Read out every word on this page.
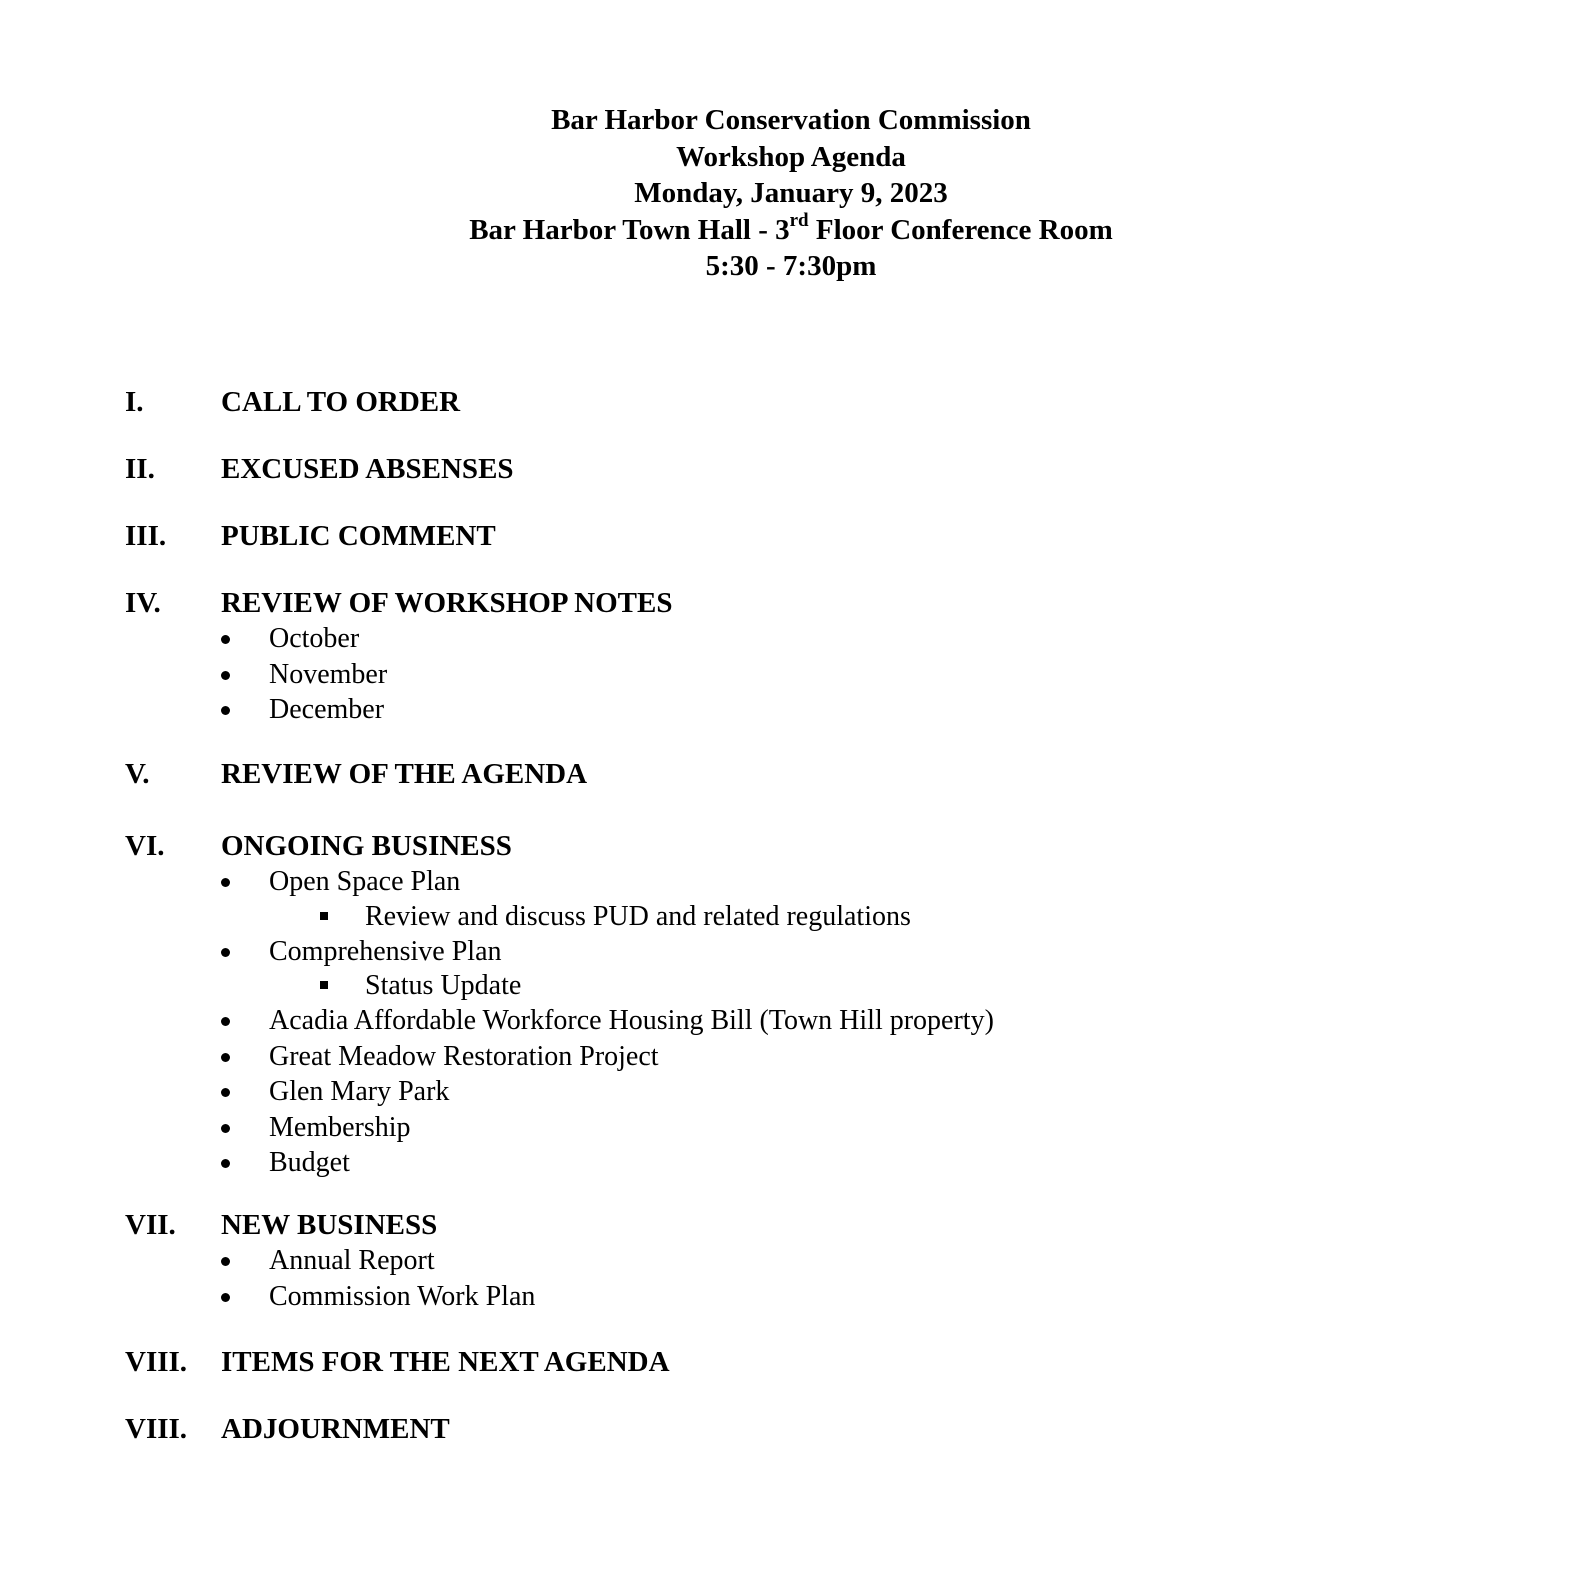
Bar Harbor Conservation Commission
Workshop Agenda
Monday, January 9, 2023
Bar Harbor Town Hall - 3rd Floor Conference Room
5:30 - 7:30pm
I.	CALL TO ORDER
II. EXCUSED ABSENSES
III. PUBLIC COMMENT
IV. REVIEW OF WORKSHOP NOTES
October
November
December
V. REVIEW OF THE AGENDA
VI. ONGOING BUSINESS
Open Space Plan
Review and discuss PUD and related regulations
Comprehensive Plan
Status Update
Acadia Affordable Workforce Housing Bill (Town Hill property)
Great Meadow Restoration Project
Glen Mary Park
Membership
Budget
VII. NEW BUSINESS
Annual Report
Commission Work Plan
VIII. ITEMS FOR THE NEXT AGENDA
VIII. ADJOURNMENT
